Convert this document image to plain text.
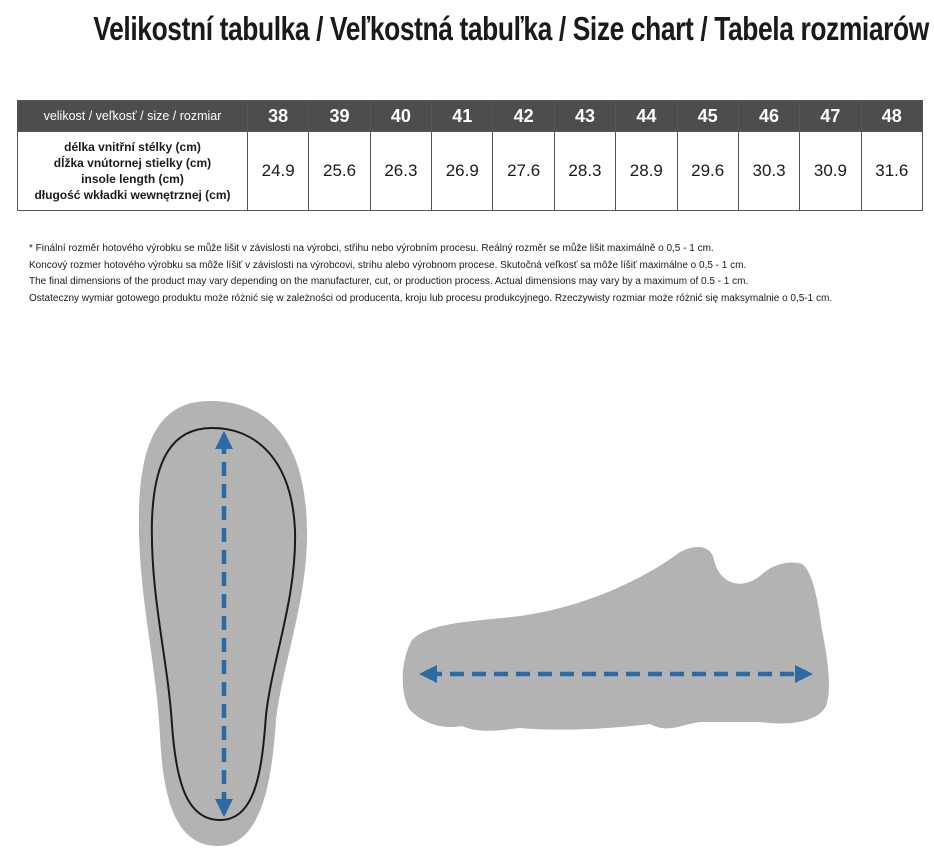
Velikostní tabulka / Veľkostná tabuľka / Size chart / Tabela rozmiarów
velikost / veľkosť / size / rozmiar	38	39	40	41	42	43	44	45	46	47	48

délka vnitřní stélky (cm)
dĺžka vnútornej stielky (cm)
insole length (cm)
długość wkładki wewnętrznej (cm)	24.9	25.6	26.3	26.9	27.6	28.3	28.9	29.6	30.3	30.9	31.6
* Finální rozměr hotového výrobku se může lišit v závislosti na výrobci, střihu nebo výrobním procesu. Reálný rozměr se může lišit maximálně o 0,5 - 1 cm.
Koncový rozmer hotového výrobku sa môže líšiť v závislosti na výrobcovi, strihu alebo výrobnom procese. Skutočná veľkosť sa môže líšiť maximálne o 0,5 - 1 cm.
The final dimensions of the product may vary depending on the manufacturer, cut, or production process. Actual dimensions may vary by a maximum of 0.5 - 1 cm.
Ostateczny wymiar gotowego produktu może różnić się w zależności od producenta, kroju lub procesu produkcyjnego. Rzeczywisty rozmiar może różnić się maksymalnie o 0,5-1 cm.
